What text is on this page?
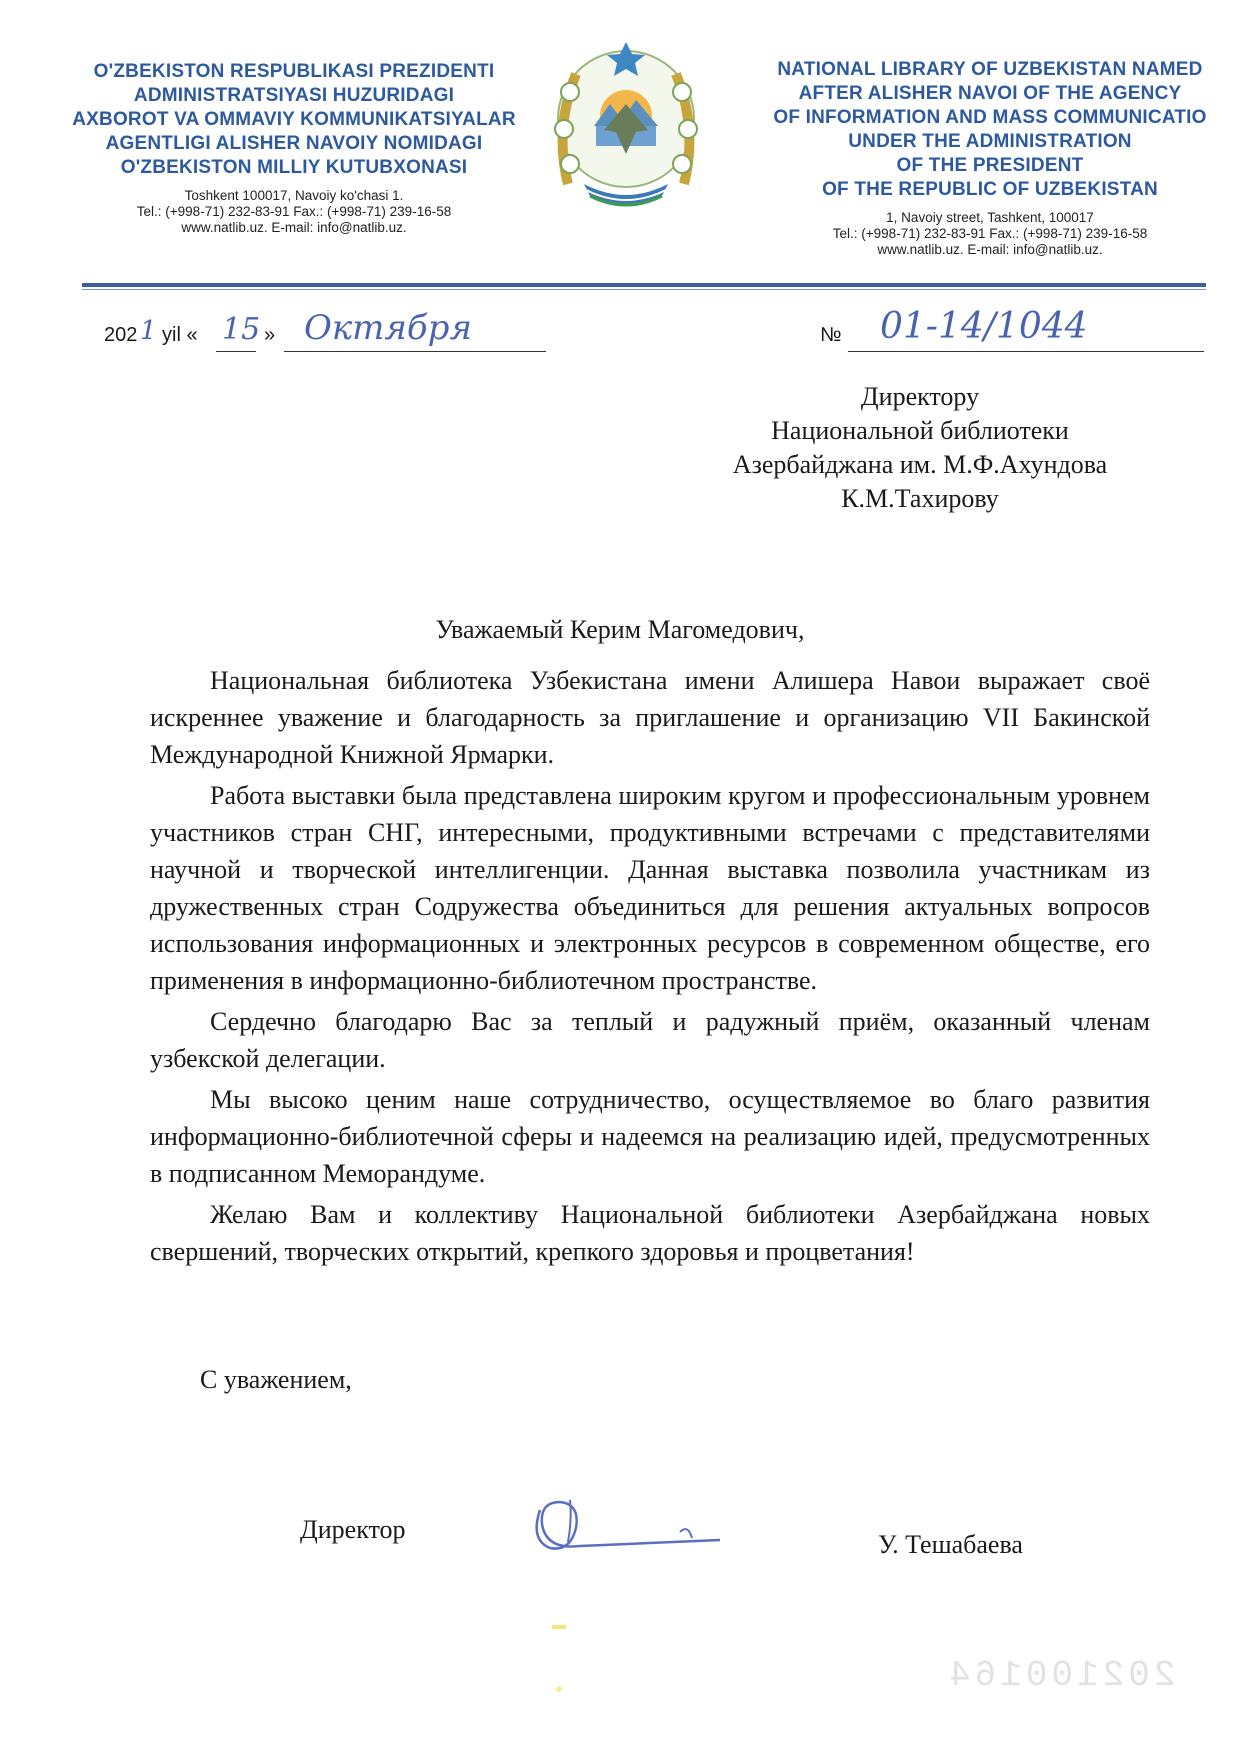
O'ZBEKISTON RESPUBLIKASI PREZIDENTI
ADMINISTRATSIYASI HUZURIDAGI
AXBOROT VA OMMAVIY KOMMUNIKATSIYALAR
AGENTLIGI ALISHER NAVOIY NOMIDAGI
O'ZBEKISTON MILLIY KUTUBXONASI
Toshkent 100017, Navoiy ko'chasi 1.
Tel.: (+998-71) 232-83-91 Fax.: (+998-71) 239-16-58
www.natlib.uz. E-mail: info@natlib.uz.
NATIONAL LIBRARY OF UZBEKISTAN NAMED
AFTER ALISHER NAVOI OF THE AGENCY
OF INFORMATION AND MASS COMMUNICATIO
UNDER THE ADMINISTRATION
OF THE PRESIDENT
OF THE REPUBLIC OF UZBEKISTAN
1, Navoiy street, Tashkent, 100017
Tel.: (+998-71) 232-83-91 Fax.: (+998-71) 239-16-58
www.natlib.uz. E-mail: info@natlib.uz.
202 1 yil « 15 » Октября	№ 01-14/1044
Директору
Национальной библиотеки
Азербайджана им. М.Ф.Ахундова
К.М.Тахирову
Уважаемый Керим Магомедович,

Национальная библиотека Узбекистана имени Алишера Навои выражает своё искреннее уважение и благодарность за приглашение и организацию VII Бакинской Международной Книжной Ярмарки.

Работа выставки была представлена широким кругом и профессиональным уровнем участников стран СНГ, интересными, продуктивными встречами с представителями научной и творческой интеллигенции. Данная выставка позволила участникам из дружественных стран Содружества объединиться для решения актуальных вопросов использования информационных и электронных ресурсов в современном обществе, его применения в информационно-библиотечном пространстве.

Сердечно благодарю Вас за теплый и радужный приём, оказанный членам узбекской делегации.

Мы высоко ценим наше сотрудничество, осуществляемое во благо развития информационно-библиотечной сферы и надеемся на реализацию идей, предусмотренных в подписанном Меморандуме.

Желаю Вам и коллективу Национальной библиотеки Азербайджана новых свершений, творческих открытий, крепкого здоровья и процветания!

С уважением,
Директор
У. Тешабаева
202100164
